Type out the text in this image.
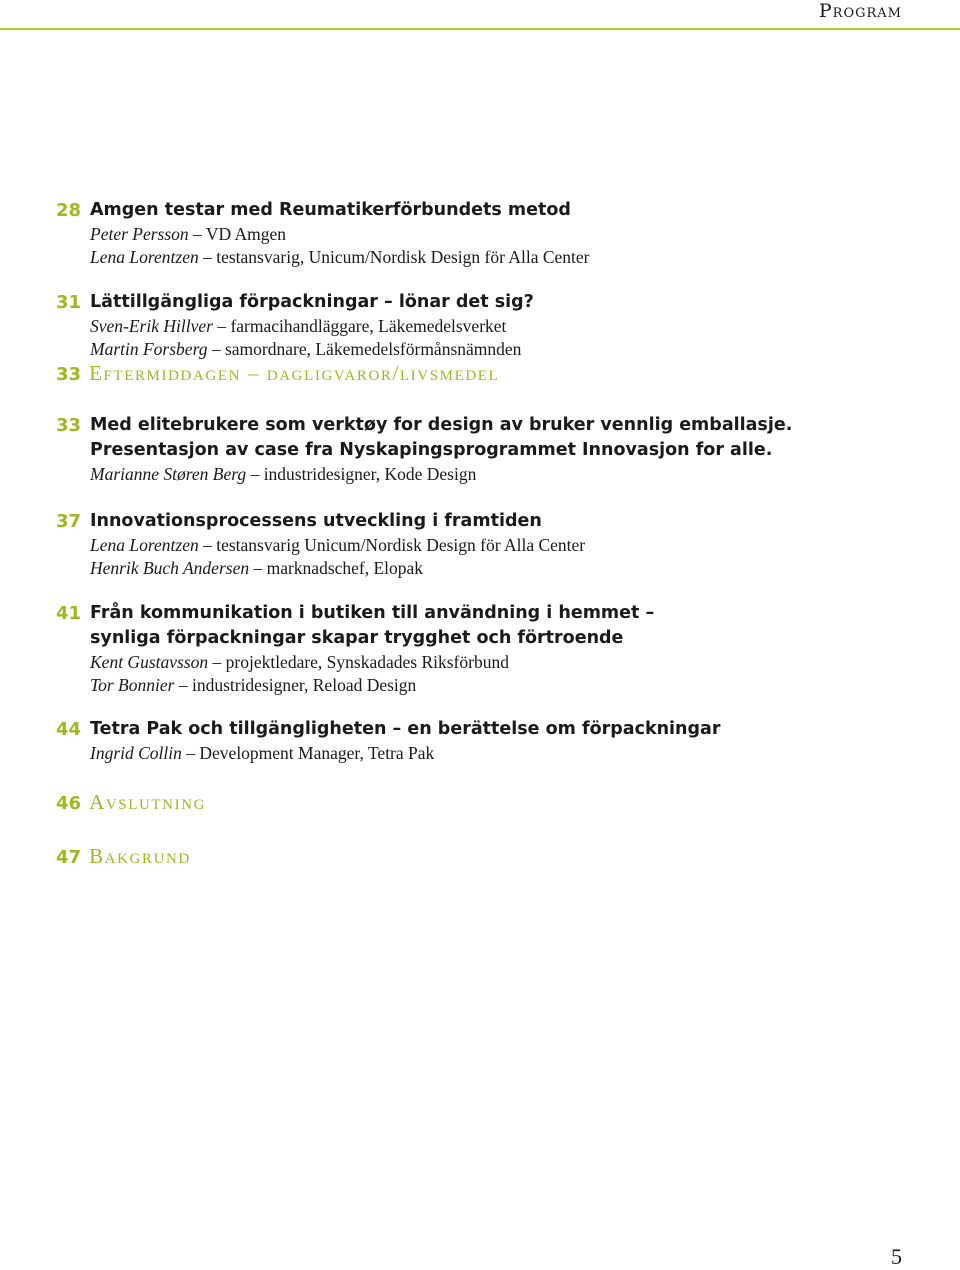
Program
28 Amgen testar med Reumatikerförbundets metod
Peter Persson – VD Amgen
Lena Lorentzen – testansvarig, Unicum/Nordisk Design för Alla Center
31 Lättillgängliga förpackningar – lönar det sig?
Sven-Erik Hillver – farmacihandläggare, Läkemedelsverket
Martin Forsberg – samordnare, Läkemedelsförmånsnämnden
33 Med elitebrukere som verktøy for design av bruker vennlig emballasje.
Presentasjon av case fra Nyskapingsprogrammet Innovasjon for alle.
Marianne Støren Berg – industridesigner, Kode Design
37 Innovationsprocessens utveckling i framtiden
Lena Lorentzen – testansvarig Unicum/Nordisk Design för Alla Center
Henrik Buch Andersen – marknadschef, Elopak
41 Från kommunikation i butiken till användning i hemmet –
synliga förpackningar skapar trygghet och förtroende
Kent Gustavsson – projektledare, Synskadades Riksförbund
Tor Bonnier – industridesigner, Reload Design
44 Tetra Pak och tillgängligheten – en berättelse om förpackningar
Ingrid Collin – Development Manager, Tetra Pak
5
33 Eftermiddagen – dagligvaror/livsmedel
46 Avslutning
47 Bakgrund
